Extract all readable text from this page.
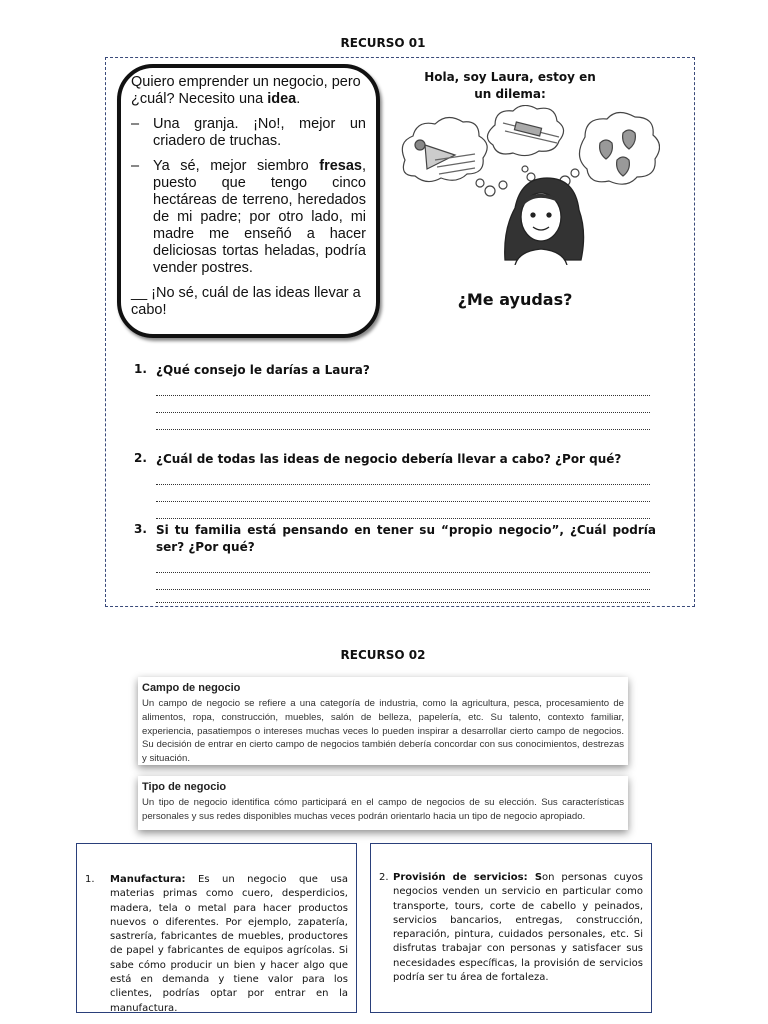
RECURSO 01

Quiero emprender un negocio, pero ¿cuál? Necesito una idea.

– Una granja. ¡No!, mejor un criadero de truchas.
– Ya sé, mejor siembro fresas, puesto que tengo cinco hectáreas de terreno, heredados de mi padre; por otro lado, mi madre me enseñó a hacer deliciosas tortas heladas, podría vender postres.

__ ¡No sé, cuál de las ideas llevar a cabo!

Hola, soy Laura, estoy en un dilema:
¿Me ayudas?
1. ¿Qué consejo le darías a Laura?
2. ¿Cuál de todas las ideas de negocio debería llevar a cabo? ¿Por qué?
3. Si tu familia está pensando en tener su “propio negocio”, ¿Cuál podría ser? ¿Por qué?
RECURSO 02
Campo de negocio
Un campo de negocio se refiere a una categoría de industria, como la agricultura, pesca, procesamiento de alimentos, ropa, construcción, muebles, salón de belleza, papelería, etc. Su talento, contexto familiar, experiencia, pasatiempos o intereses muchas veces lo pueden inspirar a desarrollar cierto campo de negocios. Su decisión de entrar en cierto campo de negocios también debería concordar con sus conocimientos, destrezas y situación.
Tipo de negocio
Un tipo de negocio identifica cómo participará en el campo de negocios de su elección. Sus características personales y sus redes disponibles muchas veces podrán orientarlo hacia un tipo de negocio apropiado.
1.	Manufactura: Es un negocio que usa materias primas como cuero, desperdicios, madera, tela o metal para hacer productos nuevos o diferentes. Por ejemplo, zapatería, sastrería, fabricantes de muebles, productores de papel y fabricantes de equipos agrícolas. Si sabe cómo producir un bien y hacer algo que está en demanda y tiene valor para los clientes, podrías optar por entrar en la manufactura.
2. Provisión de servicios: Son personas cuyos negocios venden un servicio en particular como transporte, tours, corte de cabello y peinados, servicios bancarios, entregas, construcción, reparación, pintura, cuidados personales, etc. Si disfrutas trabajar con personas y satisfacer sus necesidades específicas, la provisión de servicios podría ser tu área de fortaleza.
